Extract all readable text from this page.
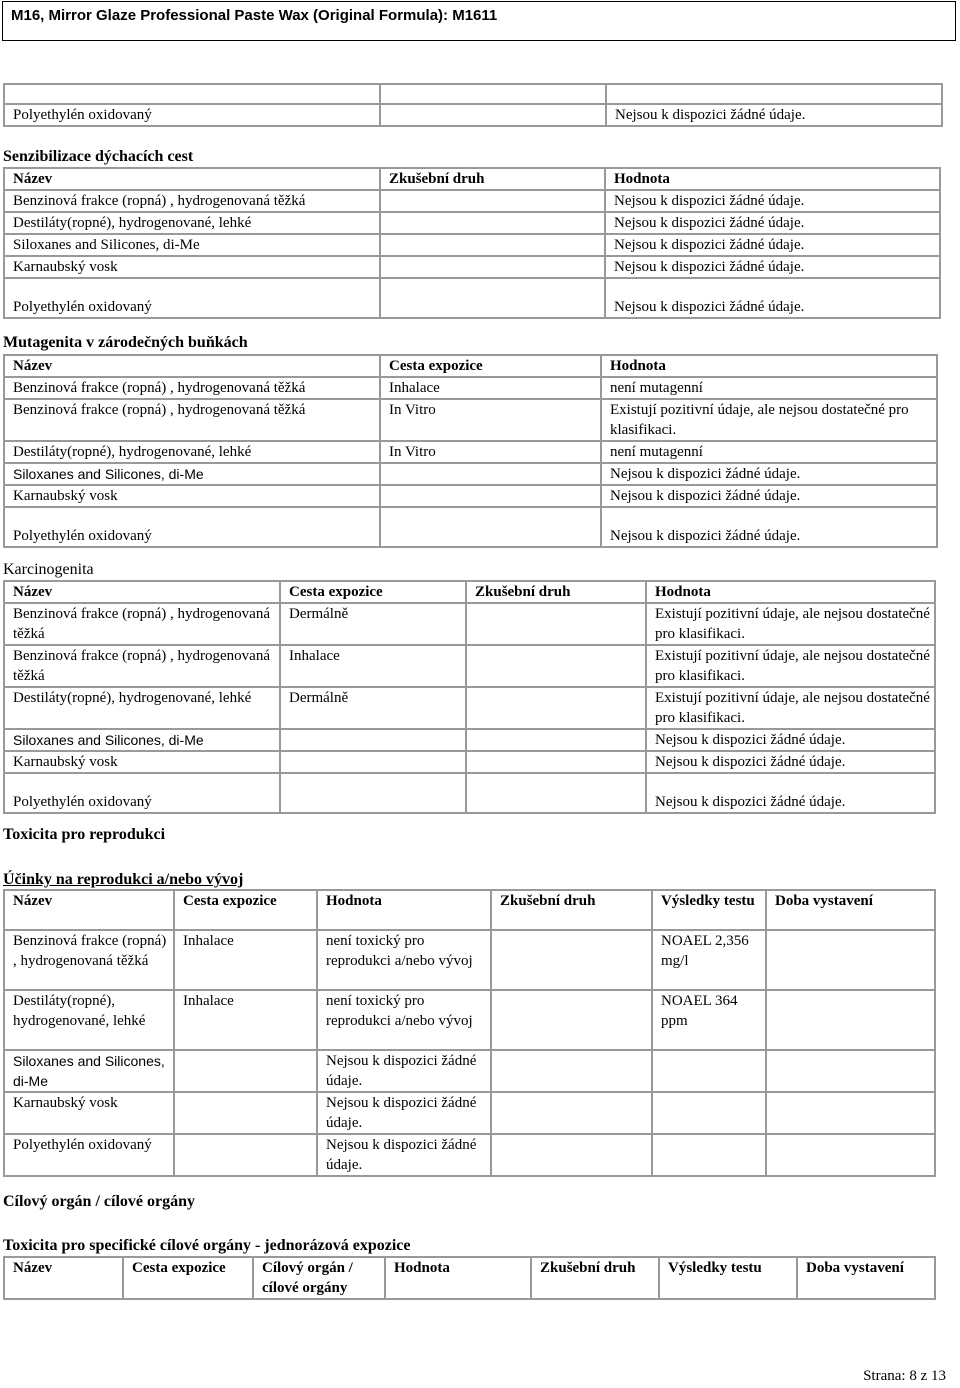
M16, Mirror Glaze Professional Paste Wax (Original Formula): M1611

Polyethylén oxidovaný		Nejsou k dispozici žádné údaje.
Senzibilizace dýchacích cest
Název	Zkušební druh	Hodnota
Benzinová frakce (ropná) , hydrogenovaná těžká		Nejsou k dispozici žádné údaje.
Destiláty(ropné), hydrogenované, lehké		Nejsou k dispozici žádné údaje.
Siloxanes and Silicones, di-Me		Nejsou k dispozici žádné údaje.
Karnaubský vosk		Nejsou k dispozici žádné údaje.
Polyethylén oxidovaný		Nejsou k dispozici žádné údaje.
Mutagenita v zárodečných buňkách
Název	Cesta expozice	Hodnota
Benzinová frakce (ropná) , hydrogenovaná těžká	Inhalace	není mutagenní
Benzinová frakce (ropná) , hydrogenovaná těžká	In Vitro	Existují pozitivní údaje, ale nejsou dostatečné pro klasifikaci.
Destiláty(ropné), hydrogenované, lehké	In Vitro	není mutagenní
Siloxanes and Silicones, di-Me		Nejsou k dispozici žádné údaje.
Karnaubský vosk		Nejsou k dispozici žádné údaje.
Polyethylén oxidovaný		Nejsou k dispozici žádné údaje.
Karcinogenita
Název	Cesta expozice	Zkušební druh	Hodnota
Benzinová frakce (ropná) , hydrogenovaná těžká	Dermálně		Existují pozitivní údaje, ale nejsou dostatečné pro klasifikaci.
Benzinová frakce (ropná) , hydrogenovaná těžká	Inhalace		Existují pozitivní údaje, ale nejsou dostatečné pro klasifikaci.
Destiláty(ropné), hydrogenované, lehké	Dermálně		Existují pozitivní údaje, ale nejsou dostatečné pro klasifikaci.
Siloxanes and Silicones, di-Me			Nejsou k dispozici žádné údaje.
Karnaubský vosk			Nejsou k dispozici žádné údaje.
Polyethylén oxidovaný			Nejsou k dispozici žádné údaje.
Toxicita pro reprodukci
Účinky na reprodukci a/nebo vývoj
Název	Cesta expozice	Hodnota	Zkušební druh	Výsledky testu	Doba vystavení
Benzinová frakce (ropná) , hydrogenovaná těžká	Inhalace	není toxický pro reprodukci a/nebo vývoj		NOAEL 2,356 mg/l	
Destiláty(ropné), hydrogenované, lehké	Inhalace	není toxický pro reprodukci a/nebo vývoj		NOAEL 364 ppm	
Siloxanes and Silicones, di-Me		Nejsou k dispozici žádné údaje.			
Karnaubský vosk		Nejsou k dispozici žádné údaje.			
Polyethylén oxidovaný		Nejsou k dispozici žádné údaje.			
Cílový orgán / cílové orgány
Toxicita pro specifické cílové orgány - jednorázová expozice
Název	Cesta expozice	Cílový orgán / cílové orgány	Hodnota	Zkušební druh	Výsledky testu	Doba vystavení
Strana: 8 z 13
